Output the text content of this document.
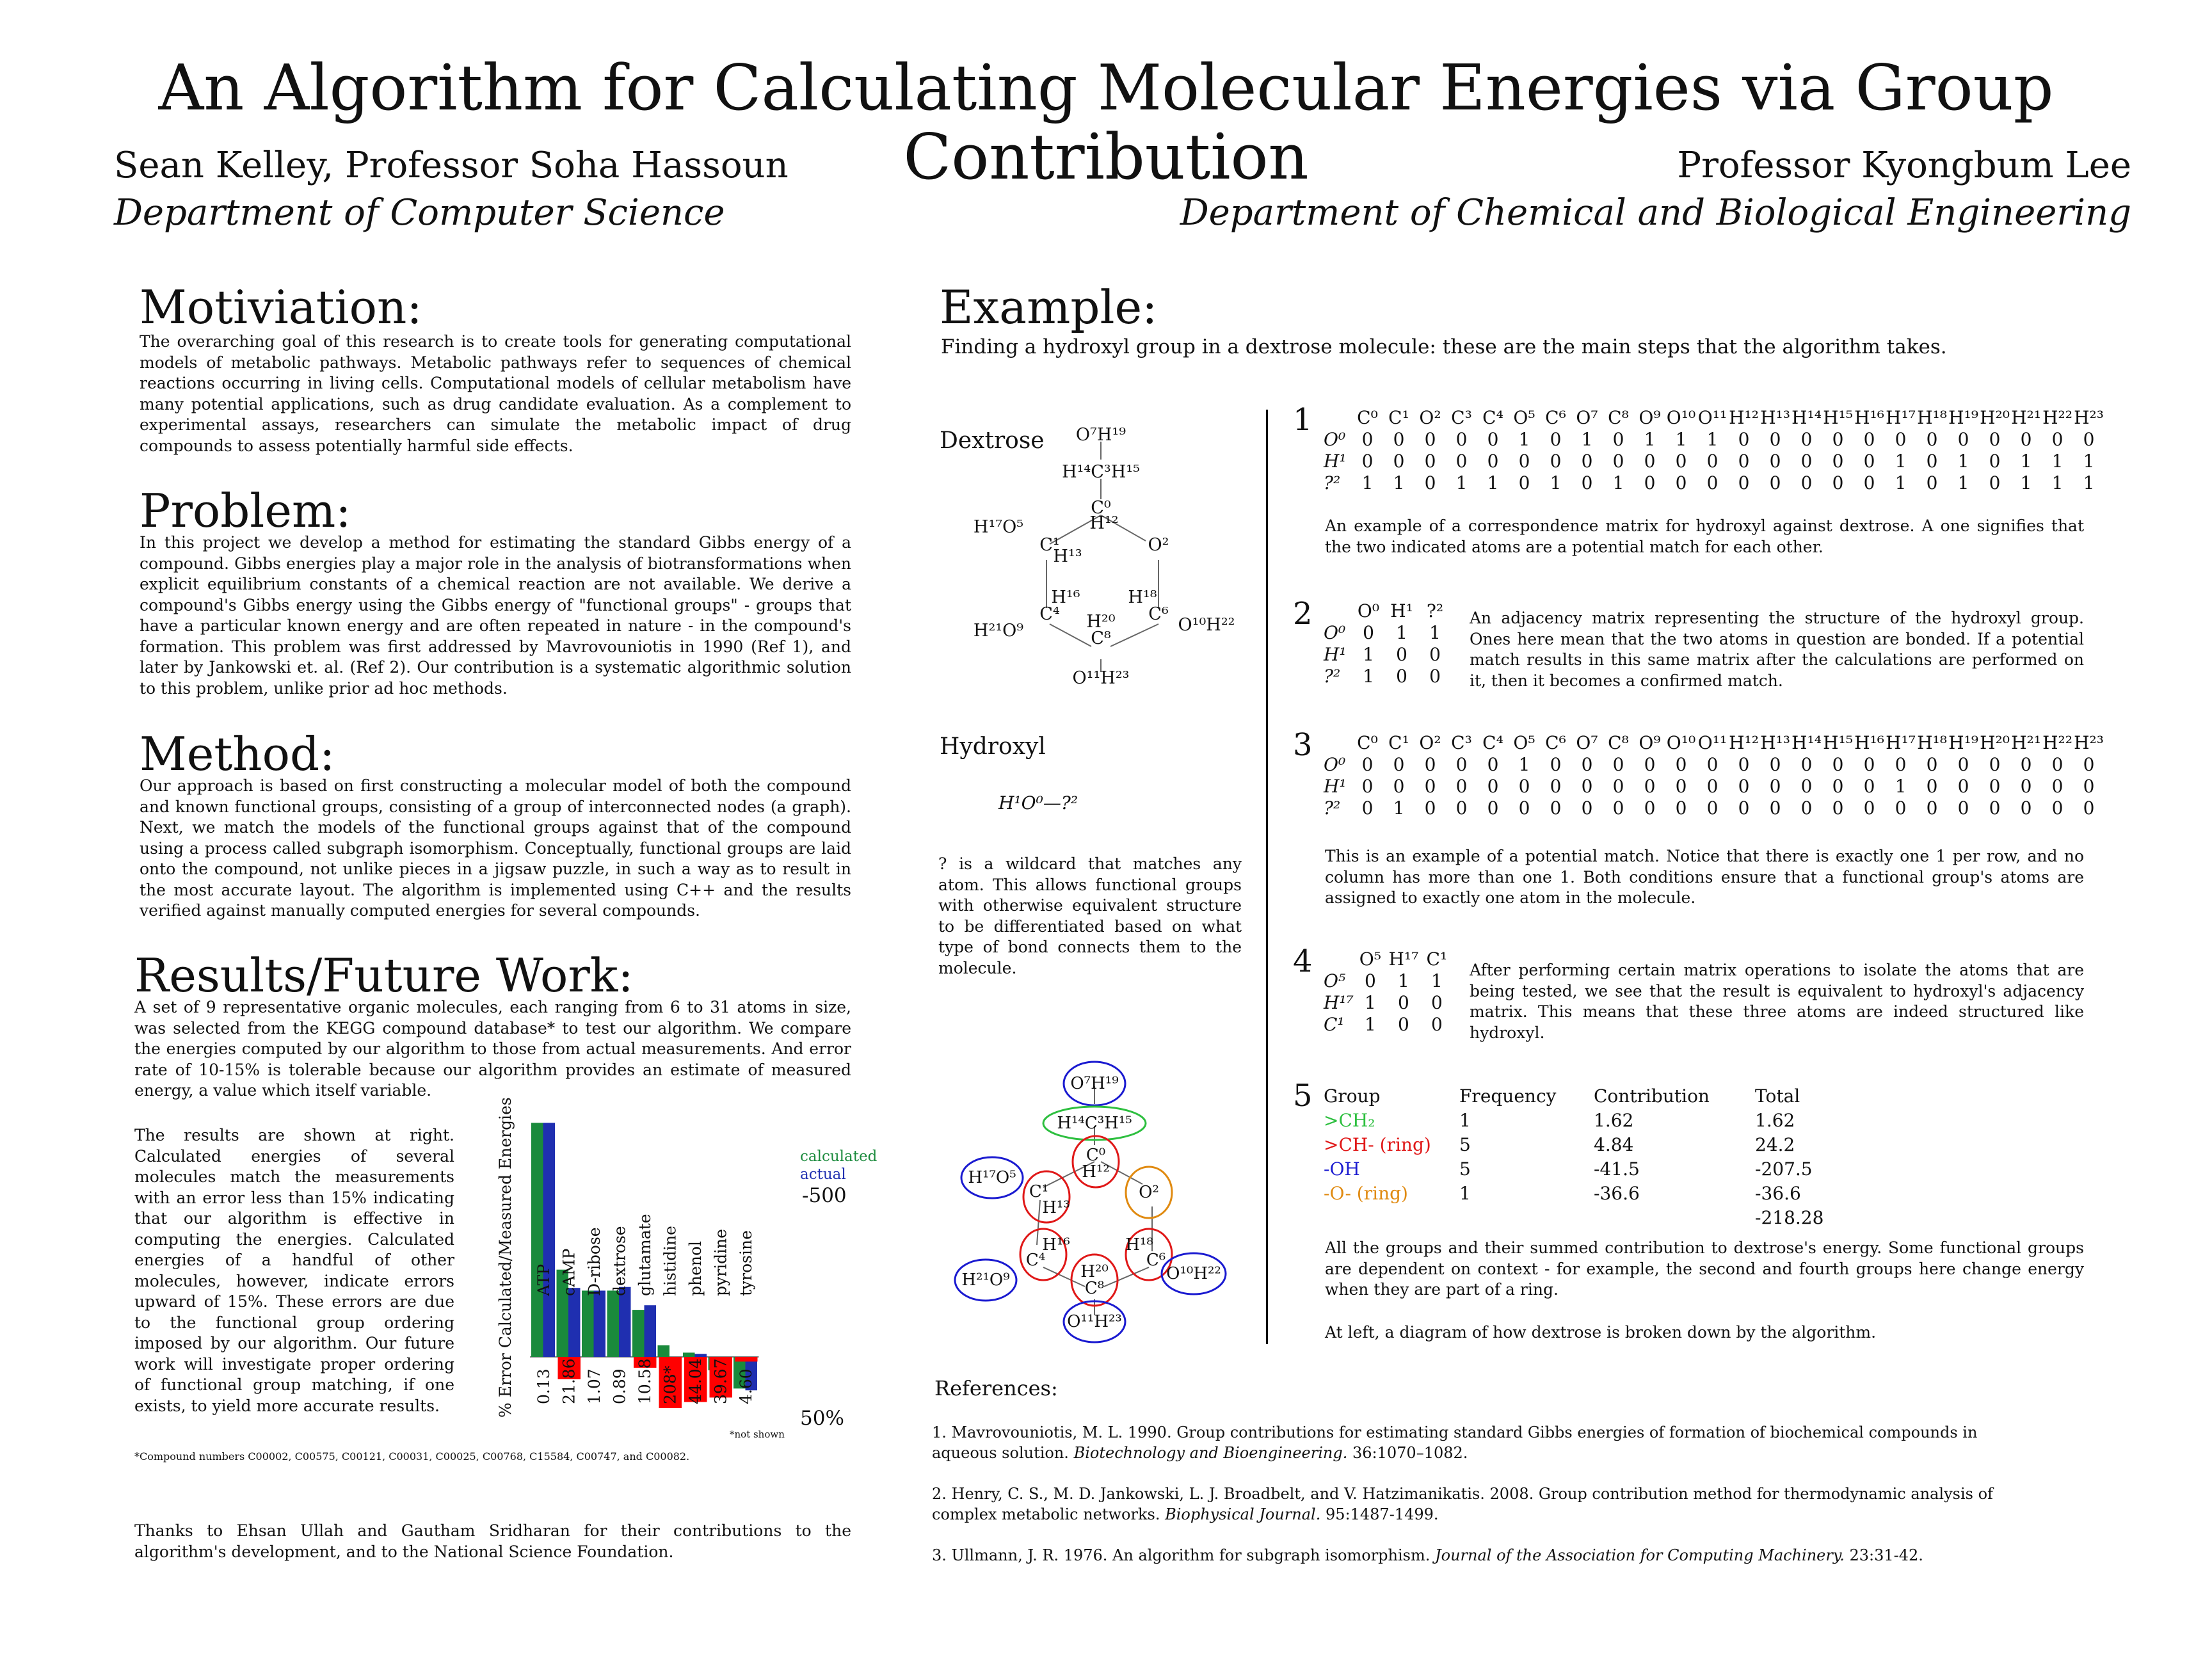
An Algorithm for Calculating Molecular Energies via Group Contribution
Sean Kelley, Professor Soha Hassoun
Department of Computer Science
Professor Kyongbum Lee
Department of Chemical and Biological Engineering
Motiviation:
The overarching goal of this research is to create tools for generating computational models of metabolic pathways. Metabolic pathways refer to sequences of chemical reactions occurring in living cells. Computational models of cellular metabolism have many potential applications, such as drug candidate evaluation. As a complement to experimental assays, researchers can simulate the metabolic impact of drug compounds to assess potentially harmful side effects.
Problem:
In this project we develop a method for estimating the standard Gibbs energy of a compound. Gibbs energies play a major role in the analysis of biotransformations when explicit equilibrium constants of a chemical reaction are not available. We derive a compound's Gibbs energy using the Gibbs energy of "functional groups" - groups that have a particular known energy and are often repeated in nature - in the compound's formation. This problem was first addressed by Mavrovouniotis in 1990 (Ref 1), and later by Jankowski et. al. (Ref 2). Our contribution is a systematic algorithmic solution to this problem, unlike prior ad hoc methods.
Method:
Our approach is based on first constructing a molecular model of both the compound and known functional groups, consisting of a group of interconnected nodes (a graph). Next, we match the models of the functional groups against that of the compound using a process called subgraph isomorphism. Conceptually, functional groups are laid onto the compound, not unlike pieces in a jigsaw puzzle, in such a way as to result in the most accurate layout. The algorithm is implemented using C++ and the results verified against manually computed energies for several compounds.
Results/Future Work:
A set of 9 representative organic molecules, each ranging from 6 to 31 atoms in size, was selected from the KEGG compound database* to test our algorithm. We compare the energies computed by our algorithm to those from actual measurements. And error rate of 10-15% is tolerable because our algorithm provides an estimate of measured energy, a value which itself variable.
The results are shown at right. Calculated energies of several molecules match the measurements with an error less than 15% indicating that our algorithm is effective in computing the energies. Calculated energies of a handful of other molecules, however, indicate errors upward of 15%. These errors are due to the functional group ordering imposed by our algorithm. Our future work will investigate proper ordering of functional group matching, if one exists, to yield more accurate results.
ATP
0.13
cAMP
21.86
D-ribose
1.07
dextrose
0.89
glutamate
10.58
histidine
208*
phenol
44.04
pyridine
39.67
tyrosine
4.60
% Error Calculated/Measured Energies	calculated
actual
-500
50%
*not shown
*Compound numbers C00002, C00575, C00121, C00031, C00025, C00768, C15584, C00747, and C00082.
Thanks to Ehsan Ullah and Gautham Sridharan for their contributions to the algorithm's development, and to the National Science Foundation.
Example:
Finding a hydroxyl group in a dextrose molecule: these are the main steps that the algorithm takes.
Dextrose O⁷H¹⁹
H¹⁴C³H¹⁵
C⁰
H¹²
O²
H¹⁷O⁵
C¹
H¹³
H¹⁶	H¹⁸
C⁴	C⁶
H²⁰
C⁸
H²¹O⁹	O¹⁰H²²
O¹¹H²³
Hydroxyl
H¹O⁰—?²
? is a wildcard that matches any atom. This allows functional groups with otherwise equivalent structure to be differentiated based on what type of bond connects them to the molecule.
O⁷H¹⁹
H¹⁴C³H¹⁵
C⁰
H¹²
O²
H¹⁷O⁵
C¹
H¹³
H¹⁶	H¹⁸
C⁴	C⁶
H²⁰
C⁸
H²¹O⁹	O¹⁰H²²
O¹¹H²³
1
	C⁰	C¹	O²	C³	C⁴	O⁵	C⁶	O⁷	C⁸	O⁹	O¹⁰	O¹¹	H¹²	H¹³	H¹⁴	H¹⁵	H¹⁶	H¹⁷	H¹⁸	H¹⁹	H²⁰	H²¹	H²²	H²³
O⁰	0	0	0	0	0	1	0	1	0	1	1	1	0	0	0	0	0	0	0	0	0	0	0	0
H¹	0	0	0	0	0	0	0	0	0	0	0	0	0	0	0	0	0	1	0	1	0	1	1	1
?²	1	1	0	1	1	0	1	0	1	0	0	0	0	0	0	0	0	1	0	1	0	1	1	1
An example of a correspondence matrix for hydroxyl against dextrose. A one signifies that the two indicated atoms are a potential match for each other.
2
		O⁰	H¹	?²
O⁰	0	1	1
H¹	1	0	0
?²	1	0	0
An adjacency matrix representing the structure of the hydroxyl group. Ones here mean that the two atoms in question are bonded. If a potential match results in this same matrix after the calculations are performed on it, then it becomes a confirmed match.
3
	C⁰	C¹	O²	C³	C⁴	O⁵	C⁶	O⁷	C⁸	O⁹	O¹⁰	O¹¹	H¹²	H¹³	H¹⁴	H¹⁵	H¹⁶	H¹⁷	H¹⁸	H¹⁹	H²⁰	H²¹	H²²	H²³
O⁰	0	0	0	0	0	1	0	0	0	0	0	0	0	0	0	0	0	0	0	0	0	0	0	0
H¹	0	0	0	0	0	0	0	0	0	0	0	0	0	0	0	0	0	1	0	0	0	0	0	0
?²	0	1	0	0	0	0	0	0	0	0	0	0	0	0	0	0	0	0	0	0	0	0	0	0
This is an example of a potential match. Notice that there is exactly one 1 per row, and no column has more than one 1. Both conditions ensure that a functional group's atoms are assigned to exactly one atom in the molecule.
4
		O⁵	H¹⁷	C¹
O⁵	0	1	1
H¹⁷	1	0	0
C¹	1	0	0
After performing certain matrix operations to isolate the atoms that are being tested, we see that the result is equivalent to hydroxyl's adjacency matrix. This means that these three atoms are indeed structured like hydroxyl.
5 Group	Frequency	Contribution	Total
>CH₂	1	1.62	1.62
>CH- (ring)	5	4.84	24.2
-OH	5	-41.5	-207.5
-O- (ring)	1	-36.6	-36.6
			-218.28
All the groups and their summed contribution to dextrose's energy. Some functional groups are dependent on context - for example, the second and fourth groups here change energy when they are part of a ring.
At left, a diagram of how dextrose is broken down by the algorithm.
References:
1. Mavrovouniotis, M. L. 1990. Group contributions for estimating standard Gibbs energies of formation of biochemical compounds in aqueous solution. Biotechnology and Bioengineering. 36:1070–1082.
2. Henry, C. S., M. D. Jankowski, L. J. Broadbelt, and V. Hatzimanikatis. 2008. Group contribution method for thermodynamic analysis of complex metabolic networks. Biophysical Journal. 95:1487-1499.
3. Ullmann, J. R. 1976. An algorithm for subgraph isomorphism. Journal of the Association for Computing Machinery. 23:31-42.
